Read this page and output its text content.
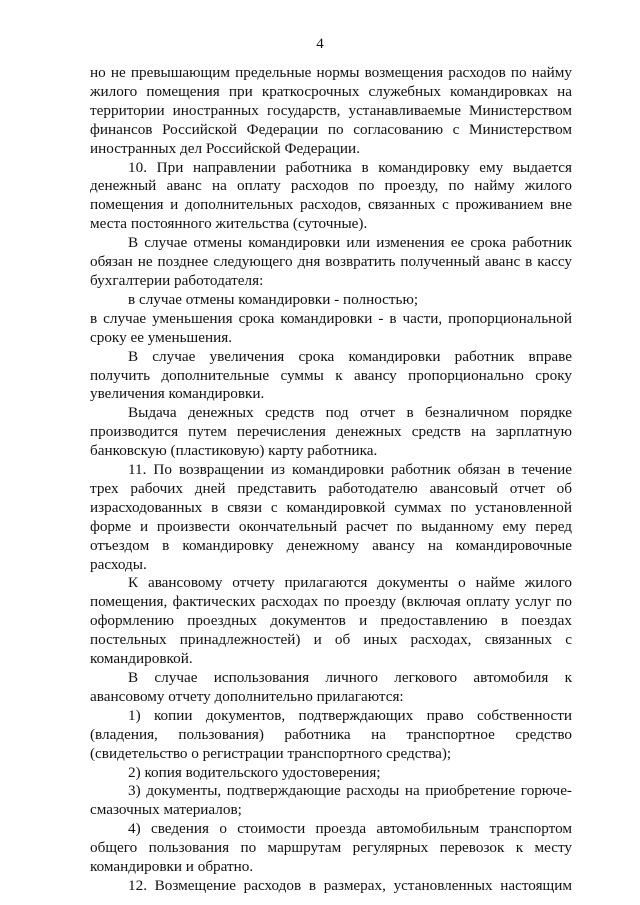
4

но не превышающим предельные нормы возмещения расходов по найму жилого помещения при краткосрочных служебных командировках на территории иностранных государств, устанавливаемые Министерством финансов Российской Федерации по согласованию с Министерством иностранных дел Российской Федерации.

10. При направлении работника в командировку ему выдается денежный аванс на оплату расходов по проезду, по найму жилого помещения и дополнительных расходов, связанных с проживанием вне места постоянного жительства (суточные).

В случае отмены командировки или изменения ее срока работник обязан не позднее следующего дня возвратить полученный аванс в кассу бухгалтерии работодателя:

в случае отмены командировки - полностью;

в случае уменьшения срока командировки - в части, пропорциональной сроку ее уменьшения.

В случае увеличения срока командировки работник вправе получить дополнительные суммы к авансу пропорционально сроку увеличения командировки.

Выдача денежных средств под отчет в безналичном порядке производится путем перечисления денежных средств на зарплатную банковскую (пластиковую) карту работника.

11. По возвращении из командировки работник обязан в течение трех рабочих дней представить работодателю авансовый отчет об израсходованных в связи с командировкой суммах по установленной форме и произвести окончательный расчет по выданному ему перед отъездом в командировку денежному авансу на командировочные расходы.

К авансовому отчету прилагаются документы о найме жилого помещения, фактических расходах по проезду (включая оплату услуг по оформлению проездных документов и предоставлению в поездах постельных принадлежностей) и об иных расходах, связанных с командировкой.

В случае использования личного легкового автомобиля к авансовому отчету дополнительно прилагаются:

1) копии документов, подтверждающих право собственности (владения, пользования) работника на транспортное средство (свидетельство о регистрации транспортного средства);

2) копия водительского удостоверения;

3) документы, подтверждающие расходы на приобретение горюче-смазочных материалов;

4) сведения о стоимости проезда автомобильным транспортом общего пользования по маршрутам регулярных перевозок к месту командировки и обратно.

12. Возмещение расходов в размерах, установленных настоящим
